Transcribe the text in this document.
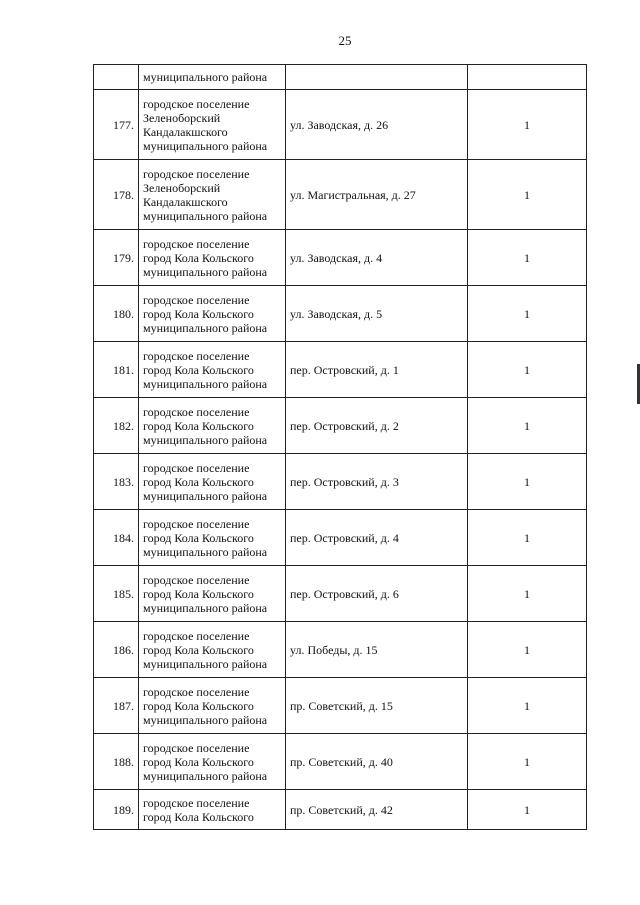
25
	муниципального района		
177.	городское поселение
Зеленоборский
Кандалакшского
муниципального района	ул. Заводская, д. 26	1
178.	городское поселение
Зеленоборский
Кандалакшского
муниципального района	ул. Магистральная, д. 27	1
179.	городское поселение
город Кола Кольского
муниципального района	ул. Заводская, д. 4	1
180.	городское поселение
город Кола Кольского
муниципального района	ул. Заводская, д. 5	1
181.	городское поселение
город Кола Кольского
муниципального района	пер. Островский, д. 1	1
182.	городское поселение
город Кола Кольского
муниципального района	пер. Островский, д. 2	1
183.	городское поселение
город Кола Кольского
муниципального района	пер. Островский, д. 3	1
184.	городское поселение
город Кола Кольского
муниципального района	пер. Островский, д. 4	1
185.	городское поселение
город Кола Кольского
муниципального района	пер. Островский, д. 6	1
186.	городское поселение
город Кола Кольского
муниципального района	ул. Победы, д. 15	1
187.	городское поселение
город Кола Кольского
муниципального района	пр. Советский, д. 15	1
188.	городское поселение
город Кола Кольского
муниципального района	пр. Советский, д. 40	1
189.	городское поселение
город Кола Кольского	пр. Советский, д. 42	1
